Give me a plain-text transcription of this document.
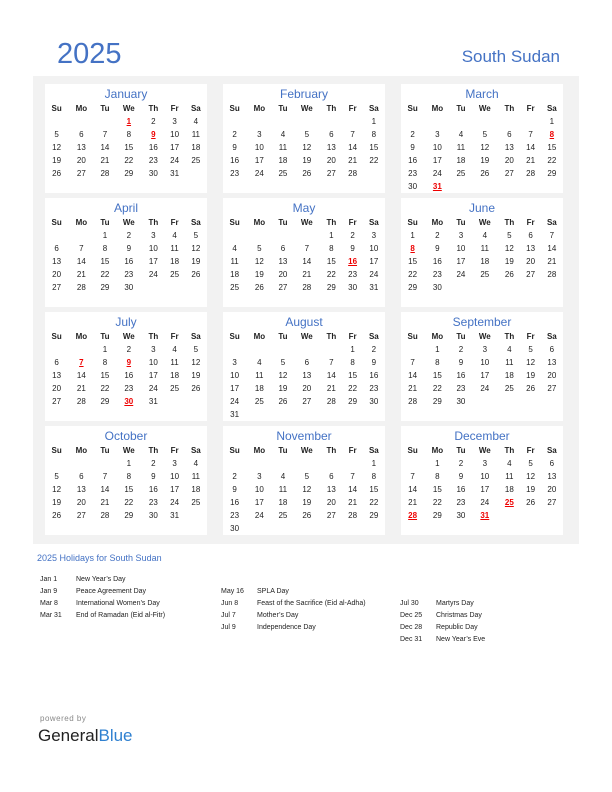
2025	South Sudan
January
Su	Mo	Tu	We	Th	Fr	Sa
			1	2	3	4
5	6	7	8	9	10	11
12	13	14	15	16	17	18
19	20	21	22	23	24	25
26	27	28	29	30	31	

February
Su	Mo	Tu	We	Th	Fr	Sa
						1
2	3	4	5	6	7	8
9	10	11	12	13	14	15
16	17	18	19	20	21	22
23	24	25	26	27	28	

March
Su	Mo	Tu	We	Th	Fr	Sa
						1
2	3	4	5	6	7	8
9	10	11	12	13	14	15
16	17	18	19	20	21	22
23	24	25	26	27	28	29
30	31					
April
Su	Mo	Tu	We	Th	Fr	Sa
		1	2	3	4	5
6	7	8	9	10	11	12
13	14	15	16	17	18	19
20	21	22	23	24	25	26
27	28	29	30			

May
Su	Mo	Tu	We	Th	Fr	Sa
				1	2	3
4	5	6	7	8	9	10
11	12	13	14	15	16	17
18	19	20	21	22	23	24
25	26	27	28	29	30	31

June
Su	Mo	Tu	We	Th	Fr	Sa
1	2	3	4	5	6	7
8	9	10	11	12	13	14
15	16	17	18	19	20	21
22	23	24	25	26	27	28
29	30					

July
Su	Mo	Tu	We	Th	Fr	Sa
		1	2	3	4	5
6	7	8	9	10	11	12
13	14	15	16	17	18	19
20	21	22	23	24	25	26
27	28	29	30	31		

August
Su	Mo	Tu	We	Th	Fr	Sa
					1	2
3	4	5	6	7	8	9
10	11	12	13	14	15	16
17	18	19	20	21	22	23
24	25	26	27	28	29	30
31						
September
Su	Mo	Tu	We	Th	Fr	Sa
	1	2	3	4	5	6
7	8	9	10	11	12	13
14	15	16	17	18	19	20
21	22	23	24	25	26	27
28	29	30				

October
Su	Mo	Tu	We	Th	Fr	Sa
			1	2	3	4
5	6	7	8	9	10	11
12	13	14	15	16	17	18
19	20	21	22	23	24	25
26	27	28	29	30	31	

November
Su	Mo	Tu	We	Th	Fr	Sa
						1
2	3	4	5	6	7	8
9	10	11	12	13	14	15
16	17	18	19	20	21	22
23	24	25	26	27	28	29
30						
December
Su	Mo	Tu	We	Th	Fr	Sa
	1	2	3	4	5	6
7	8	9	10	11	12	13
14	15	16	17	18	19	20
21	22	23	24	25	26	27
28	29	30	31			

2025 Holidays for South Sudan
Jan 1	New Year’s Day
Jan 9	Peace Agreement Day
Mar 8	International Women’s Day
Mar 31 End of Ramadan (Eid al-Fitr)
May 16 SPLA Day
Jun 8	Feast of the Sacrifice (Eid al-Adha)
Jul 7	Mother’s Day
Jul 9	Independence Day
Jul 30 Martyrs Day
Dec 25 Christmas Day
Dec 28 Republic Day
Dec 31 New Year’s Eve
powered by
GeneralBlue
